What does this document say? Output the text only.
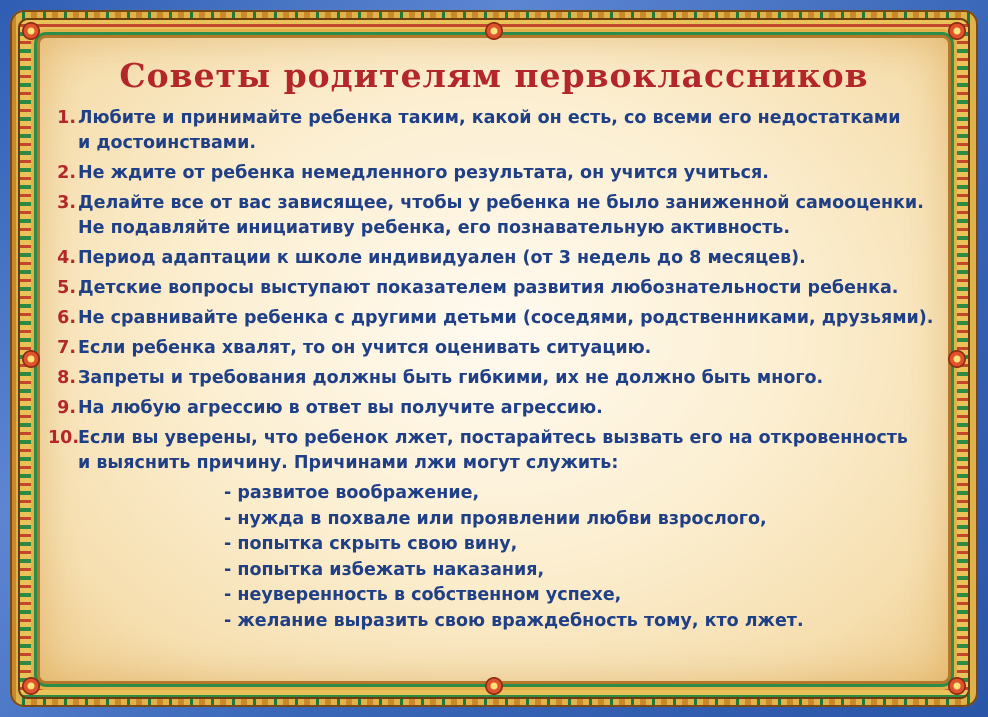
Советы родителям первоклассников
1. Любите и принимайте ребенка таким, какой он есть, со всеми его недостатками
и достоинствами.
2. Не ждите от ребенка немедленного результата, он учится учиться.
3. Делайте все от вас зависящее, чтобы у ребенка не было заниженной самооценки.
Не подавляйте инициативу ребенка, его познавательную активность.
4. Период адаптации к школе индивидуален (от 3 недель до 8 месяцев).
5. Детские вопросы выступают показателем развития любознательности ребенка.
6. Не сравнивайте ребенка с другими детьми (соседями, родственниками, друзьями).
7. Если ребенка хвалят, то он учится оценивать ситуацию.
8. Запреты и требования должны быть гибкими, их не должно быть много.
9. На любую агрессию в ответ вы получите агрессию.
10.
Если вы уверены, что ребенок лжет, постарайтесь вызвать его на откровенность
и выяснить причину. Причинами лжи могут служить:
- развитое воображение,
- нужда в похвале или проявлении любви взрослого,
- попытка скрыть свою вину,
- попытка избежать наказания,
- неуверенность в собственном успехе,
- желание выразить свою враждебность тому, кто лжет.
